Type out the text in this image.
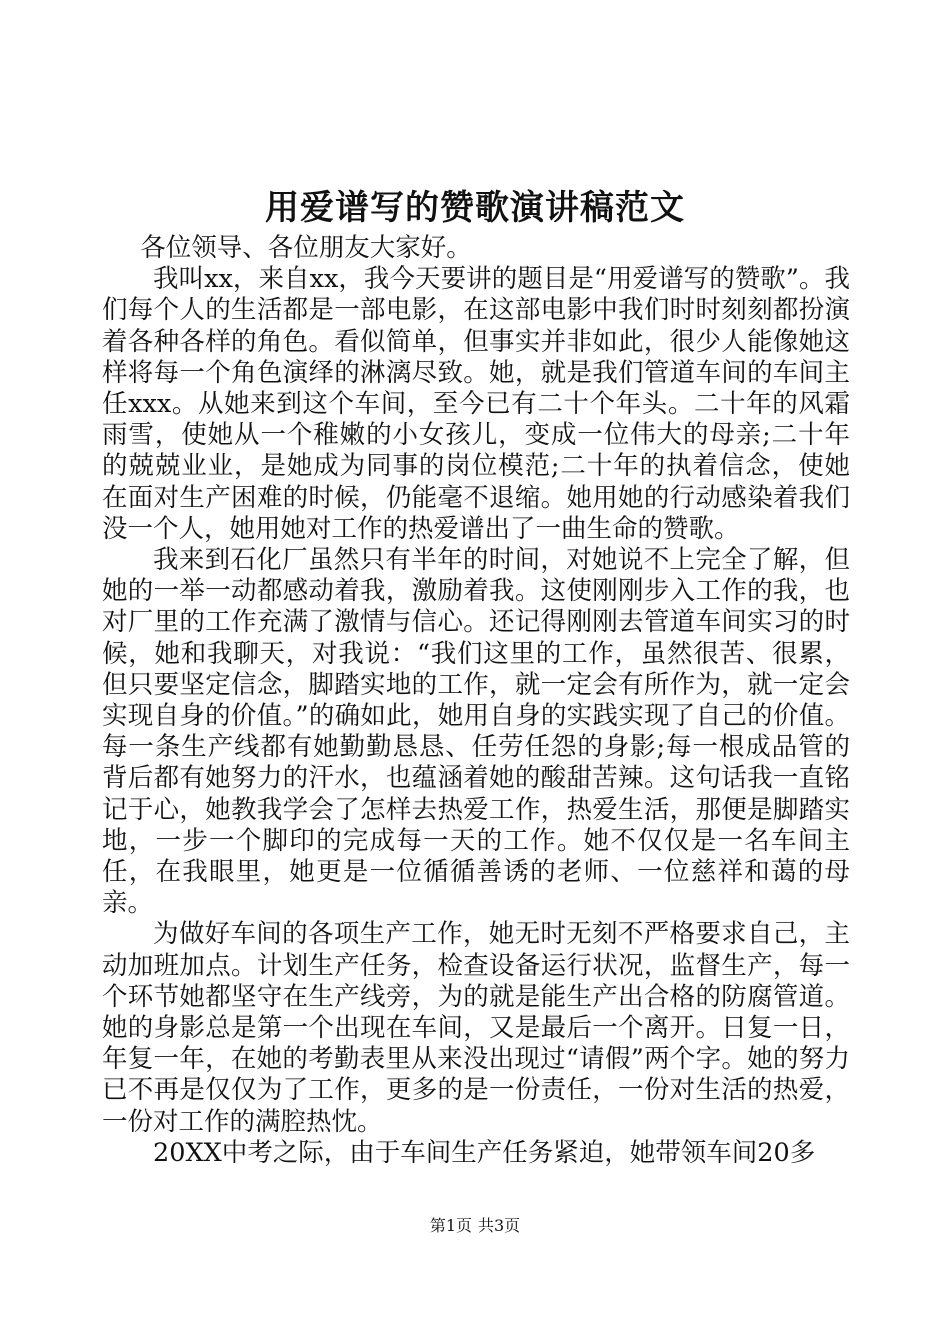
用爱谱写的赞歌演讲稿范文

各位领导、各位朋友大家好。

我叫xx，来自xx，我今天要讲的题目是“用爱谱写的赞歌”。我们每个人的生活都是一部电影，在这部电影中我们时时刻刻都扮演着各种各样的角色。看似简单，但事实并非如此，很少人能像她这样将每一个角色演绎的淋漓尽致。她，就是我们管道车间的车间主任xxx。从她来到这个车间，至今已有二十个年头。二十年的风霜雨雪，使她从一个稚嫩的小女孩儿，变成一位伟大的母亲;二十年的兢兢业业，是她成为同事的岗位模范;二十年的执着信念，使她在面对生产困难的时候，仍能毫不退缩。她用她的行动感染着我们没一个人，她用她对工作的热爱谱出了一曲生命的赞歌。

我来到石化厂虽然只有半年的时间，对她说不上完全了解，但她的一举一动都感动着我，激励着我。这使刚刚步入工作的我，也对厂里的工作充满了激情与信心。还记得刚刚去管道车间实习的时候，她和我聊天，对我说：“我们这里的工作，虽然很苦、很累，但只要坚定信念，脚踏实地的工作，就一定会有所作为，就一定会实现自身的价值。”的确如此，她用自身的实践实现了自己的价值。每一条生产线都有她勤勤恳恳、任劳任怨的身影;每一根成品管的背后都有她努力的汗水，也蕴涵着她的酸甜苦辣。这句话我一直铭记于心，她教我学会了怎样去热爱工作，热爱生活，那便是脚踏实地，一步一个脚印的完成每一天的工作。她不仅仅是一名车间主任，在我眼里，她更是一位循循善诱的老师、一位慈祥和蔼的母亲。

为做好车间的各项生产工作，她无时无刻不严格要求自己，主动加班加点。计划生产任务，检查设备运行状况，监督生产，每一个环节她都坚守在生产线旁，为的就是能生产出合格的防腐管道。她的身影总是第一个出现在车间，又是最后一个离开。日复一日，年复一年，在她的考勤表里从来没出现过“请假”两个字。她的努力已不再是仅仅为了工作，更多的是一份责任，一份对生活的热爱，一份对工作的满腔热忱。

20XX中考之际，由于车间生产任务紧迫，她带领车间20多

第1页 共3页
